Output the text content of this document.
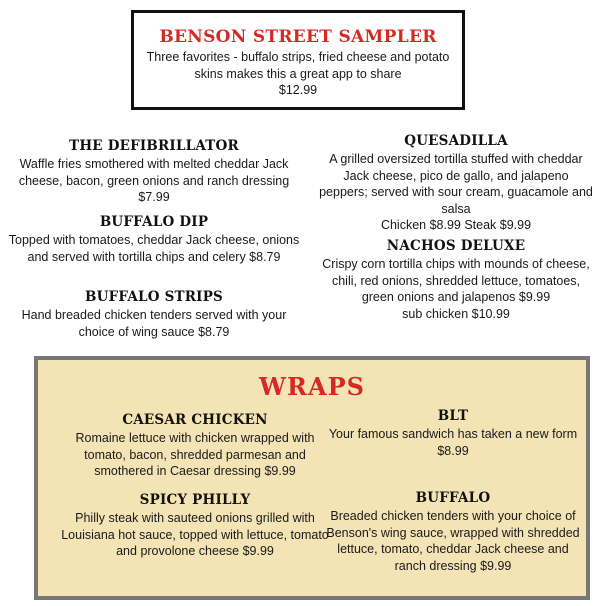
BENSON STREET SAMPLER
Three favorites - buffalo strips, fried cheese and potato skins makes this a great app to share
$12.99
THE DEFIBRILLATOR
Waffle fries smothered with melted cheddar Jack cheese, bacon, green onions and ranch dressing $7.99
BUFFALO DIP
Topped with tomatoes, cheddar Jack cheese, onions and served with tortilla chips and celery $8.79
BUFFALO STRIPS
Hand breaded chicken tenders served with your choice of wing sauce $8.79
QUESADILLA
A grilled oversized tortilla stuffed with cheddar Jack cheese, pico de gallo, and jalapeno peppers; served with sour cream, guacamole and salsa
Chicken $8.99 Steak $9.99
NACHOS DELUXE
Crispy corn tortilla chips with mounds of cheese, chili, red onions, shredded lettuce, tomatoes, green onions and jalapenos $9.99
sub chicken $10.99
WRAPS
CAESAR CHICKEN
Romaine lettuce with chicken wrapped with tomato, bacon, shredded parmesan and smothered in Caesar dressing $9.99
BLT
Your famous sandwich has taken a new form $8.99
SPICY PHILLY
Philly steak with sauteed onions grilled with Louisiana hot sauce, topped with lettuce, tomato and provolone cheese $9.99
BUFFALO
Breaded chicken tenders with your choice of Benson's wing sauce, wrapped with shredded lettuce, tomato, cheddar Jack cheese and ranch dressing $9.99
